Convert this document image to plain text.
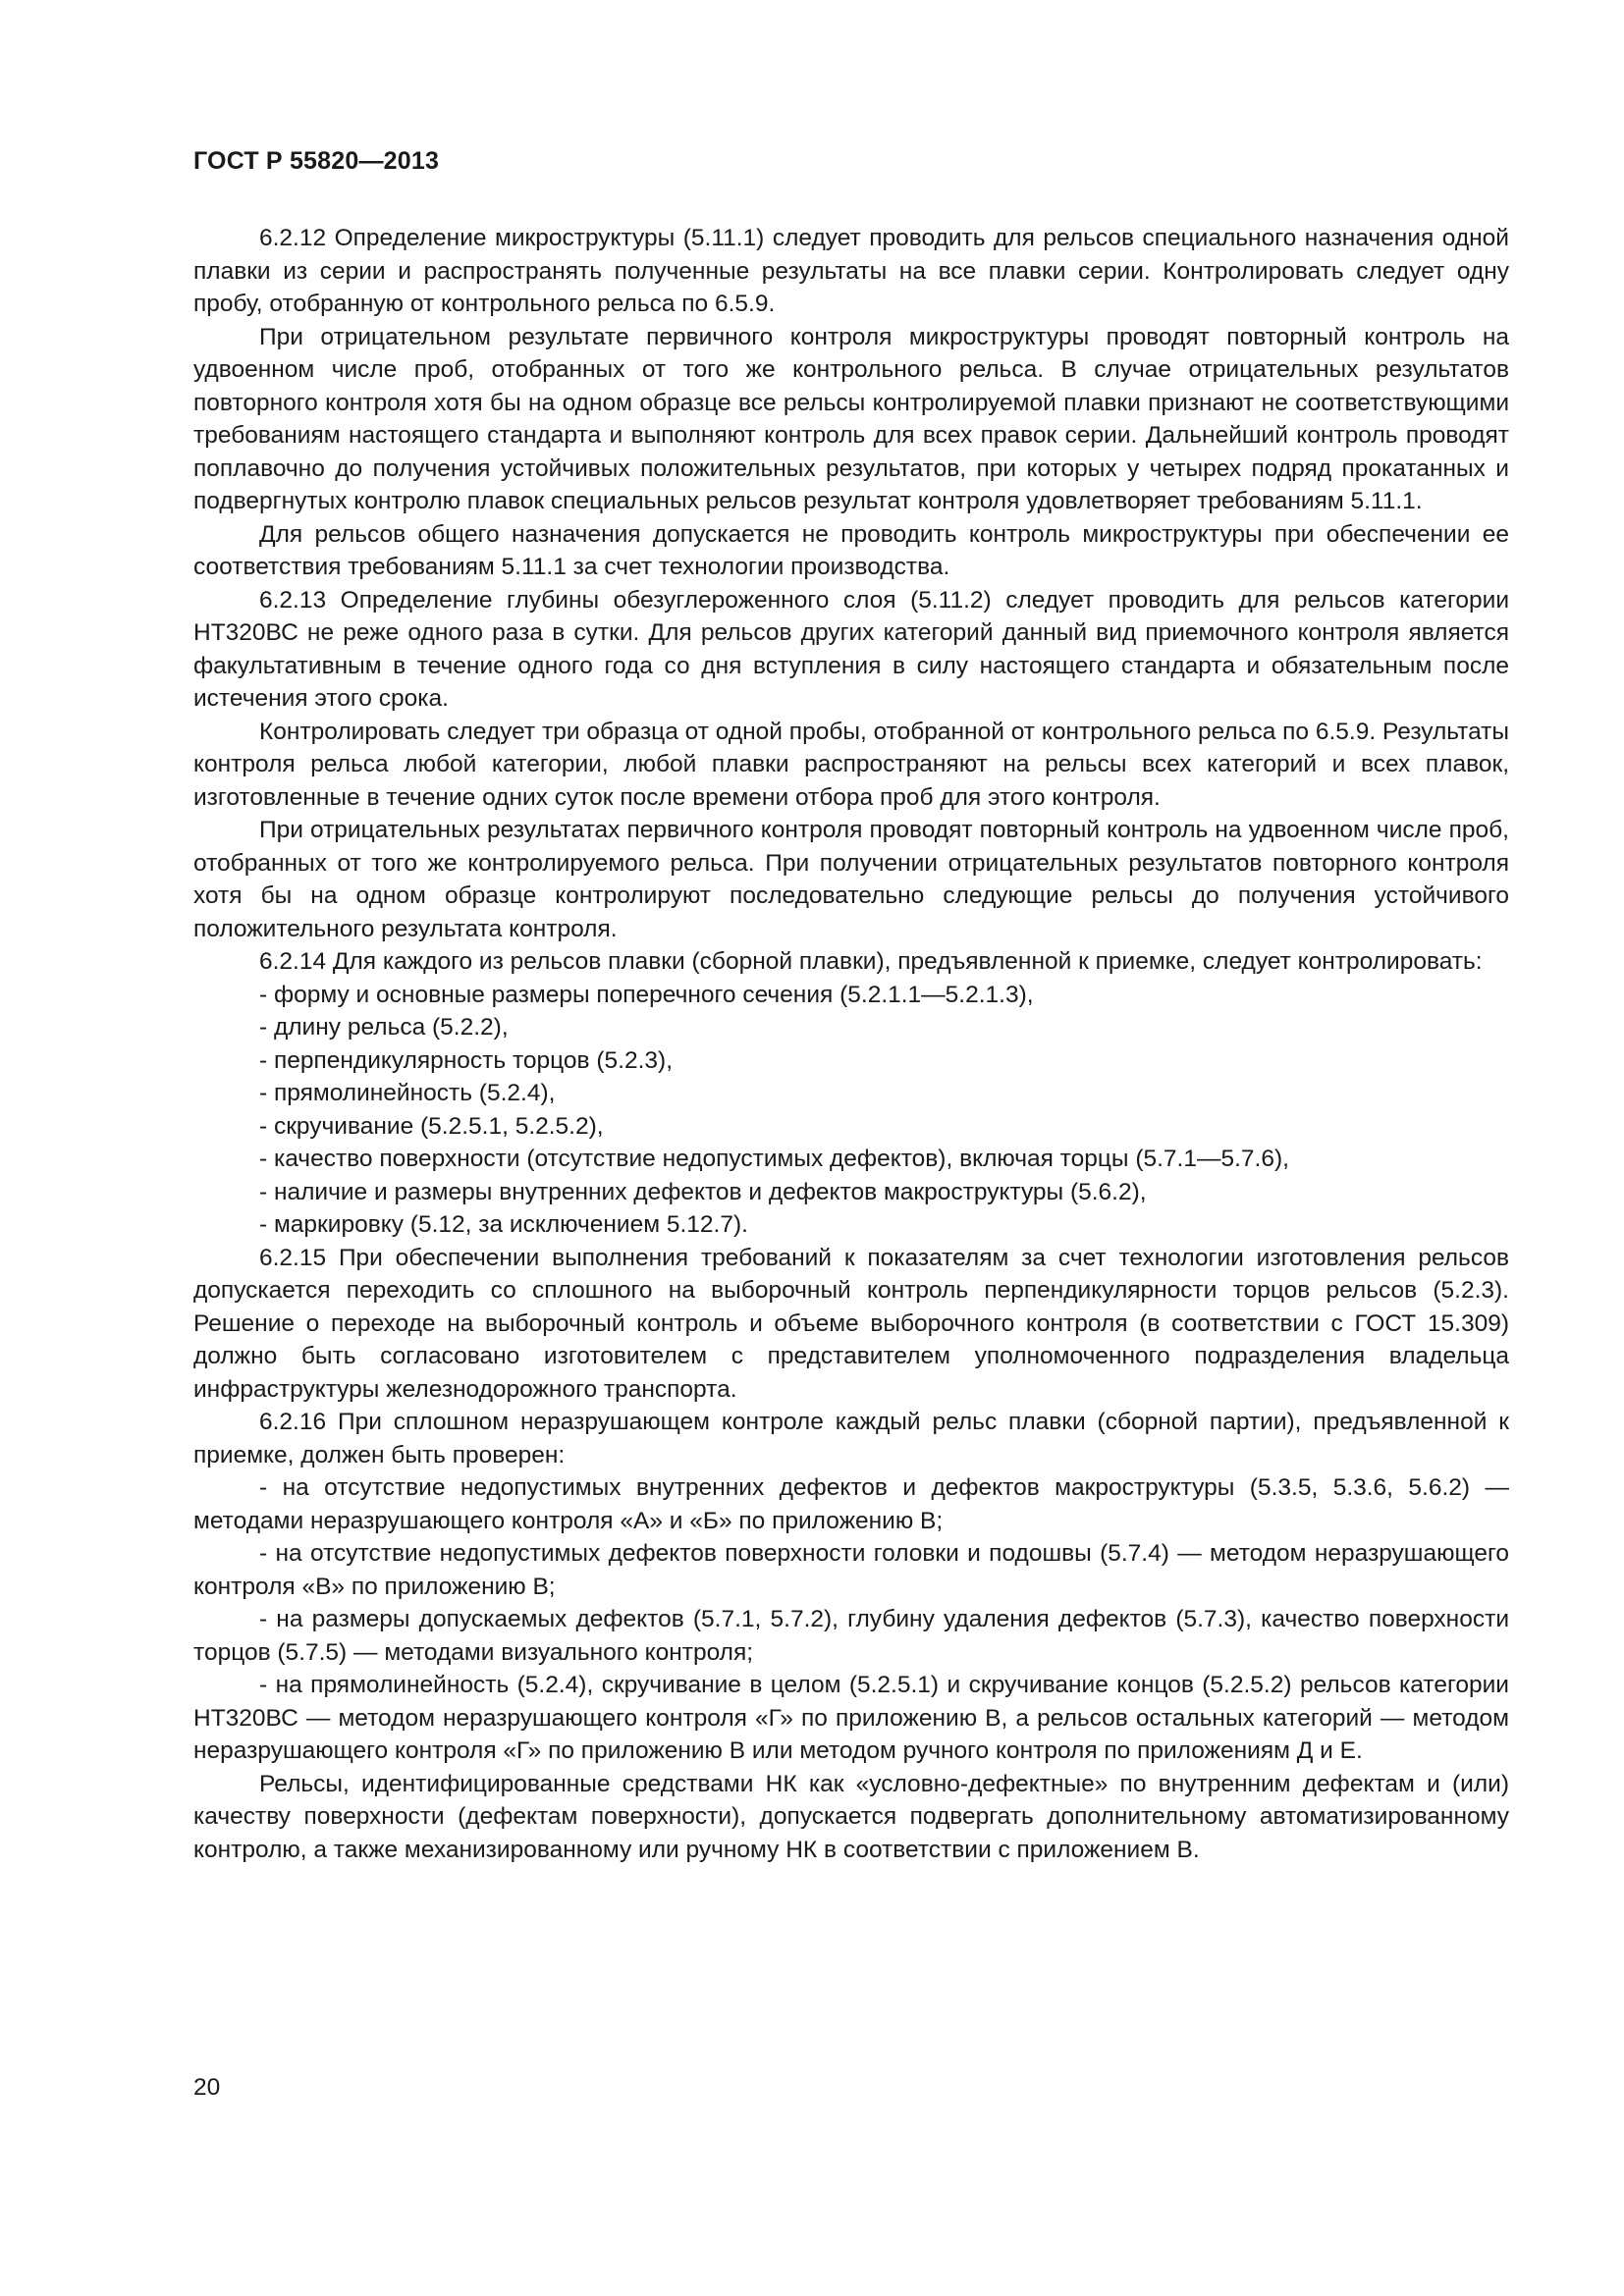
ГОСТ Р 55820—2013

6.2.12 Определение микроструктуры (5.11.1) следует проводить для рельсов специального назначения одной плавки из серии и распространять полученные результаты на все плавки серии. Контролировать следует одну пробу, отобранную от контрольного рельса по 6.5.9.

При отрицательном результате первичного контроля микроструктуры проводят повторный контроль на удвоенном числе проб, отобранных от того же контрольного рельса. В случае отрицательных результатов повторного контроля хотя бы на одном образце все рельсы контролируемой плавки признают не соответствующими требованиям настоящего стандарта и выполняют контроль для всех правок серии. Дальнейший контроль проводят поплавочно до получения устойчивых положительных результатов, при которых у четырех подряд прокатанных и подвергнутых контролю плавок специальных рельсов результат контроля удовлетворяет требованиям 5.11.1.

Для рельсов общего назначения допускается не проводить контроль микроструктуры при обеспечении ее соответствия требованиям 5.11.1 за счет технологии производства.

6.2.13 Определение глубины обезуглероженного слоя (5.11.2) следует проводить для рельсов категории НТ320ВС не реже одного раза в сутки. Для рельсов других категорий данный вид приемочного контроля является факультативным в течение одного года со дня вступления в силу настоящего стандарта и обязательным после истечения этого срока.

Контролировать следует три образца от одной пробы, отобранной от контрольного рельса по 6.5.9. Результаты контроля рельса любой категории, любой плавки распространяют на рельсы всех категорий и всех плавок, изготовленные в течение одних суток после времени отбора проб для этого контроля.

При отрицательных результатах первичного контроля проводят повторный контроль на удвоенном числе проб, отобранных от того же контролируемого рельса. При получении отрицательных результатов повторного контроля хотя бы на одном образце контролируют последовательно следующие рельсы до получения устойчивого положительного результата контроля.

6.2.14 Для каждого из рельсов плавки (сборной плавки), предъявленной к приемке, следует контролировать:

- форму и основные размеры поперечного сечения (5.2.1.1—5.2.1.3),
- длину рельса (5.2.2),
- перпендикулярность торцов (5.2.3),
- прямолинейность (5.2.4),
- скручивание (5.2.5.1, 5.2.5.2),
- качество поверхности (отсутствие недопустимых дефектов), включая торцы (5.7.1—5.7.6),
- наличие и размеры внутренних дефектов и дефектов макроструктуры (5.6.2),
- маркировку (5.12, за исключением 5.12.7).

6.2.15 При обеспечении выполнения требований к показателям за счет технологии изготовления рельсов допускается переходить со сплошного на выборочный контроль перпендикулярности торцов рельсов (5.2.3). Решение о переходе на выборочный контроль и объеме выборочного контроля (в соответствии с ГОСТ 15.309) должно быть согласовано изготовителем с представителем уполномоченного подразделения владельца инфраструктуры железнодорожного транспорта.

6.2.16 При сплошном неразрушающем контроле каждый рельс плавки (сборной партии), предъявленной к приемке, должен быть проверен:

- на отсутствие недопустимых внутренних дефектов и дефектов макроструктуры (5.3.5, 5.3.6, 5.6.2) — методами неразрушающего контроля «А» и «Б» по приложению В;

- на отсутствие недопустимых дефектов поверхности головки и подошвы (5.7.4) — методом неразрушающего контроля «В» по приложению В;

- на размеры допускаемых дефектов (5.7.1, 5.7.2), глубину удаления дефектов (5.7.3), качество поверхности торцов (5.7.5) — методами визуального контроля;

- на прямолинейность (5.2.4), скручивание в целом (5.2.5.1) и скручивание концов (5.2.5.2) рельсов категории НТ320ВС — методом неразрушающего контроля «Г» по приложению В, а рельсов остальных категорий — методом неразрушающего контроля «Г» по приложению В или методом ручного контроля по приложениям Д и Е.

Рельсы, идентифицированные средствами НК как «условно-дефектные» по внутренним дефектам и (или) качеству поверхности (дефектам поверхности), допускается подвергать дополнительному автоматизированному контролю, а также механизированному или ручному НК в соответствии с приложением В.

20
